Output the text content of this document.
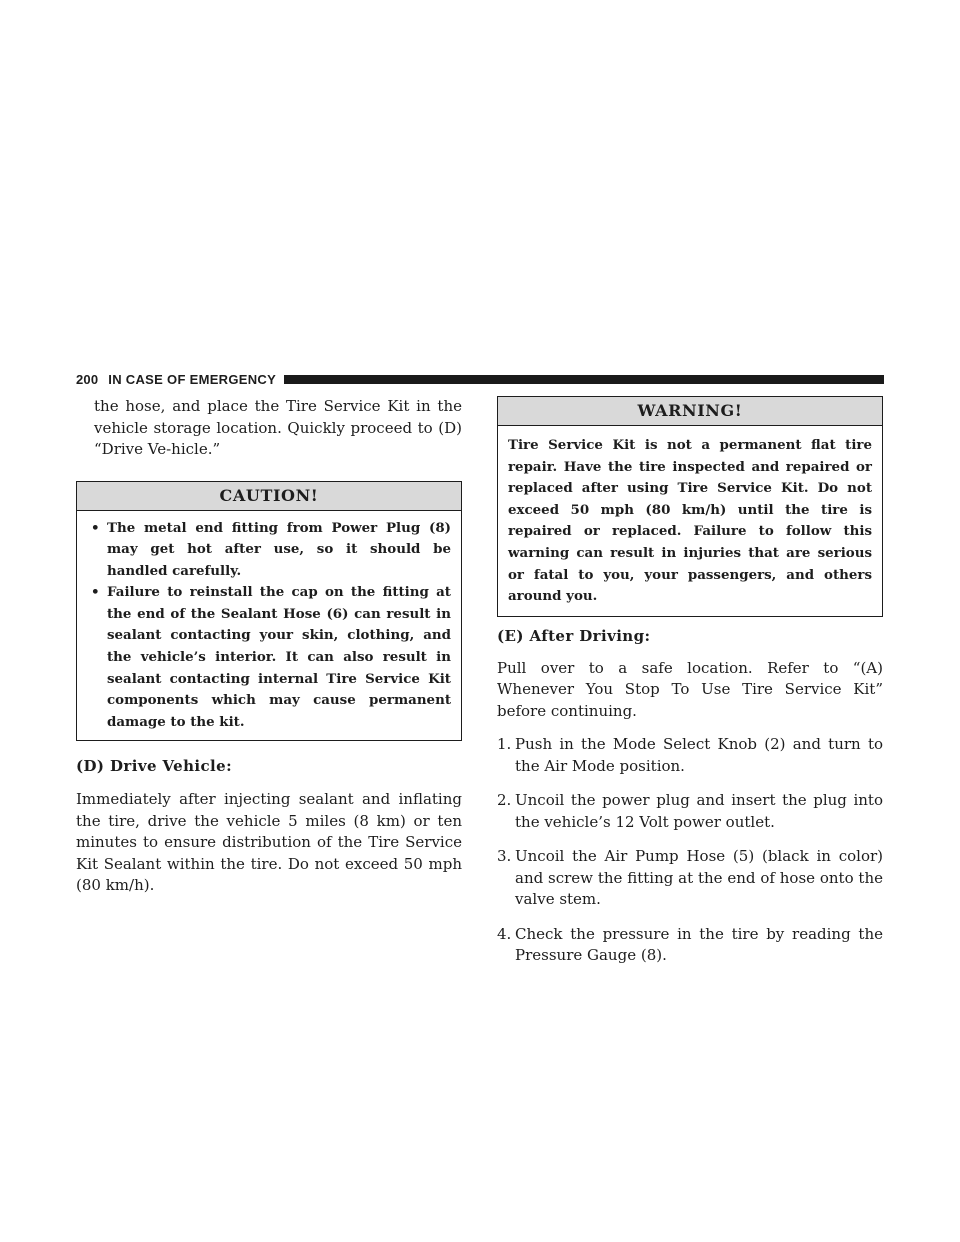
200 IN CASE OF EMERGENCY

the hose, and place the Tire Service Kit in the vehicle storage location. Quickly proceed to (D) “Drive Ve-hicle.”

CAUTION!
• The metal end fitting from Power Plug (8) may get hot after use, so it should be handled carefully.
• Failure to reinstall the cap on the fitting at the end of the Sealant Hose (6) can result in sealant contacting your skin, clothing, and the vehicle’s interior. It can also result in sealant contacting internal Tire Service Kit components which may cause permanent damage to the kit.
(D) Drive Vehicle:

Immediately after injecting sealant and inflating the tire, drive the vehicle 5 miles (8 km) or ten minutes to ensure distribution of the Tire Service Kit Sealant within the tire. Do not exceed 50 mph (80 km/h).

WARNING!

Tire Service Kit is not a permanent flat tire repair. Have the tire inspected and repaired or replaced after using Tire Service Kit. Do not exceed 50 mph (80 km/h) until the tire is repaired or replaced. Failure to follow this warning can result in injuries that are serious or fatal to you, your passengers, and others around you.

(E) After Driving:

Pull over to a safe location. Refer to “(A) Whenever You Stop To Use Tire Service Kit” before continuing.

1. Push in the Mode Select Knob (2) and turn to the Air Mode position.
2. Uncoil the power plug and insert the plug into the vehicle’s 12 Volt power outlet.
3. Uncoil the Air Pump Hose (5) (black in color) and screw the fitting at the end of hose onto the valve stem.
4. Check the pressure in the tire by reading the Pressure Gauge (8).
